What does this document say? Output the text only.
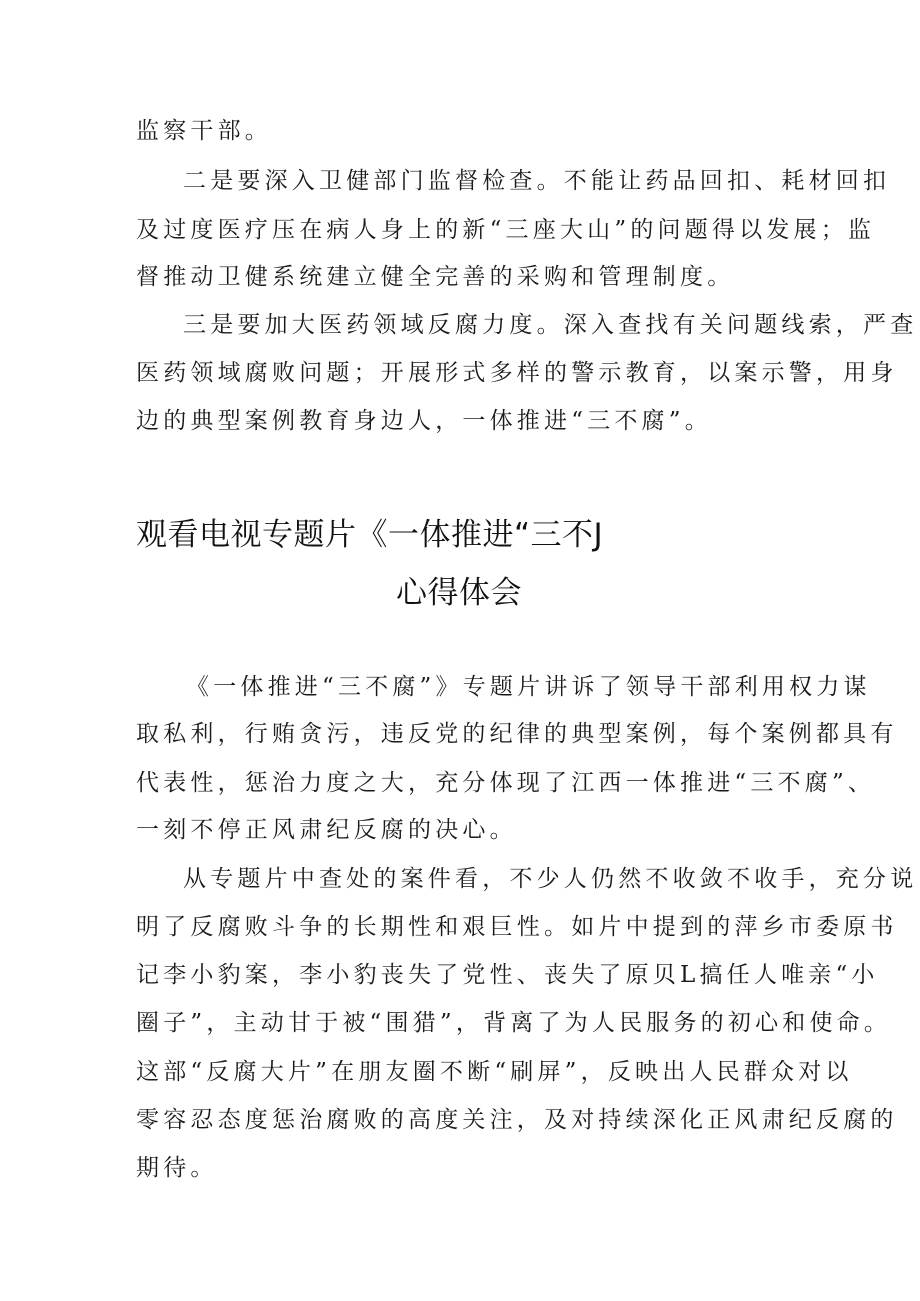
监察干部。
二是要深入卫健部门监督检查。不能让药品回扣、耗材回扣
及过度医疗压在病人身上的新“三座大山”的问题得以发展；监
督推动卫健系统建立健全完善的采购和管理制度。
三是要加大医药领域反腐力度。深入查找有关问题线索，严查
医药领域腐败问题；开展形式多样的警示教育，以案示警，用身
边的典型案例教育身边人，一体推进“三不腐”。
观看电视专题片《一体推进“三不J
心得体会
《一体推进“三不腐”》专题片讲诉了领导干部利用权力谋
取私利，行贿贪污，违反党的纪律的典型案例，每个案例都具有
代表性，惩治力度之大，充分体现了江西一体推进“三不腐”、
一刻不停正风肃纪反腐的决心。
从专题片中查处的案件看，不少人仍然不收敛不收手，充分说
明了反腐败斗争的长期性和艰巨性。如片中提到的萍乡市委原书
记李小豹案，李小豹丧失了党性、丧失了原贝L搞任人唯亲“小
圈子”，主动甘于被“围猎”，背离了为人民服务的初心和使命。
这部“反腐大片”在朋友圈不断“刷屏”，反映出人民群众对以
零容忍态度惩治腐败的高度关注，及对持续深化正风肃纪反腐的
期待。
